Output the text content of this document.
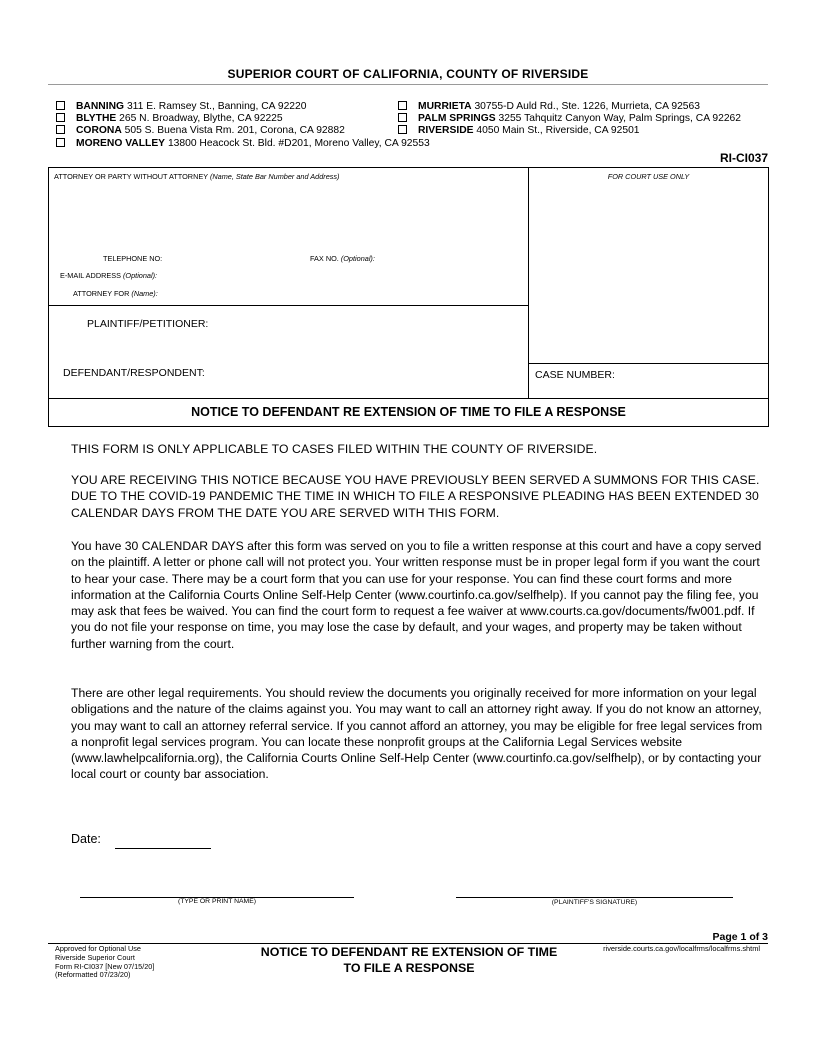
SUPERIOR COURT OF CALIFORNIA, COUNTY OF RIVERSIDE
BANNING 311 E. Ramsey St., Banning, CA 92220
BLYTHE 265 N. Broadway, Blythe, CA 92225
CORONA 505 S. Buena Vista Rm. 201, Corona, CA 92882
MORENO VALLEY 13800 Heacock St. Bld. #D201, Moreno Valley, CA 92553
MURRIETA 30755-D Auld Rd., Ste. 1226, Murrieta, CA 92563
PALM SPRINGS 3255 Tahquitz Canyon Way, Palm Springs, CA 92262
RIVERSIDE 4050 Main St., Riverside, CA 92501
RI-CI037
ATTORNEY OR PARTY WITHOUT ATTORNEY (Name, State Bar Number and Address)	FOR COURT USE ONLY
TELEPHONE NO:	FAX NO. (Optional):
E-MAIL ADDRESS (Optional):
ATTORNEY FOR (Name):
PLAINTIFF/PETITIONER:
DEFENDANT/RESPONDENT:	CASE NUMBER:
NOTICE TO DEFENDANT RE EXTENSION OF TIME TO FILE A RESPONSE
THIS FORM IS ONLY APPLICABLE TO CASES FILED WITHIN THE COUNTY OF RIVERSIDE.
YOU ARE RECEIVING THIS NOTICE BECAUSE YOU HAVE PREVIOUSLY BEEN SERVED A SUMMONS FOR THIS CASE. DUE TO THE COVID-19 PANDEMIC THE TIME IN WHICH TO FILE A RESPONSIVE PLEADING HAS BEEN EXTENDED 30 CALENDAR DAYS FROM THE DATE YOU ARE SERVED WITH THIS FORM.
You have 30 CALENDAR DAYS after this form was served on you to file a written response at this court and have a copy served on the plaintiff. A letter or phone call will not protect you. Your written response must be in proper legal form if you want the court to hear your case. There may be a court form that you can use for your response. You can find these court forms and more information at the California Courts Online Self-Help Center (www.courtinfo.ca.gov/selfhelp). If you cannot pay the filing fee, you may ask that fees be waived. You can find the court form to request a fee waiver at www.courts.ca.gov/documents/fw001.pdf. If you do not file your response on time, you may lose the case by default, and your wages, and property may be taken without further warning from the court.
There are other legal requirements. You should review the documents you originally received for more information on your legal obligations and the nature of the claims against you. You may want to call an attorney right away. If you do not know an attorney, you may want to call an attorney referral service. If you cannot afford an attorney, you may be eligible for free legal services from a nonprofit legal services program. You can locate these nonprofit groups at the California Legal Services website (www.lawhelpcalifornia.org), the California Courts Online Self-Help Center (www.courtinfo.ca.gov/selfhelp), or by contacting your local court or county bar association.
Date:
(TYPE OR PRINT NAME)	(PLAINTIFF'S SIGNATURE)
Page 1 of 3
Approved for Optional Use
Riverside Superior Court
Form RI-CI037 [New 07/15/20]
(Reformatted 07/23/20)
NOTICE TO DEFENDANT RE EXTENSION OF TIME
TO FILE A RESPONSE
riverside.courts.ca.gov/localfrms/localfrms.shtml
